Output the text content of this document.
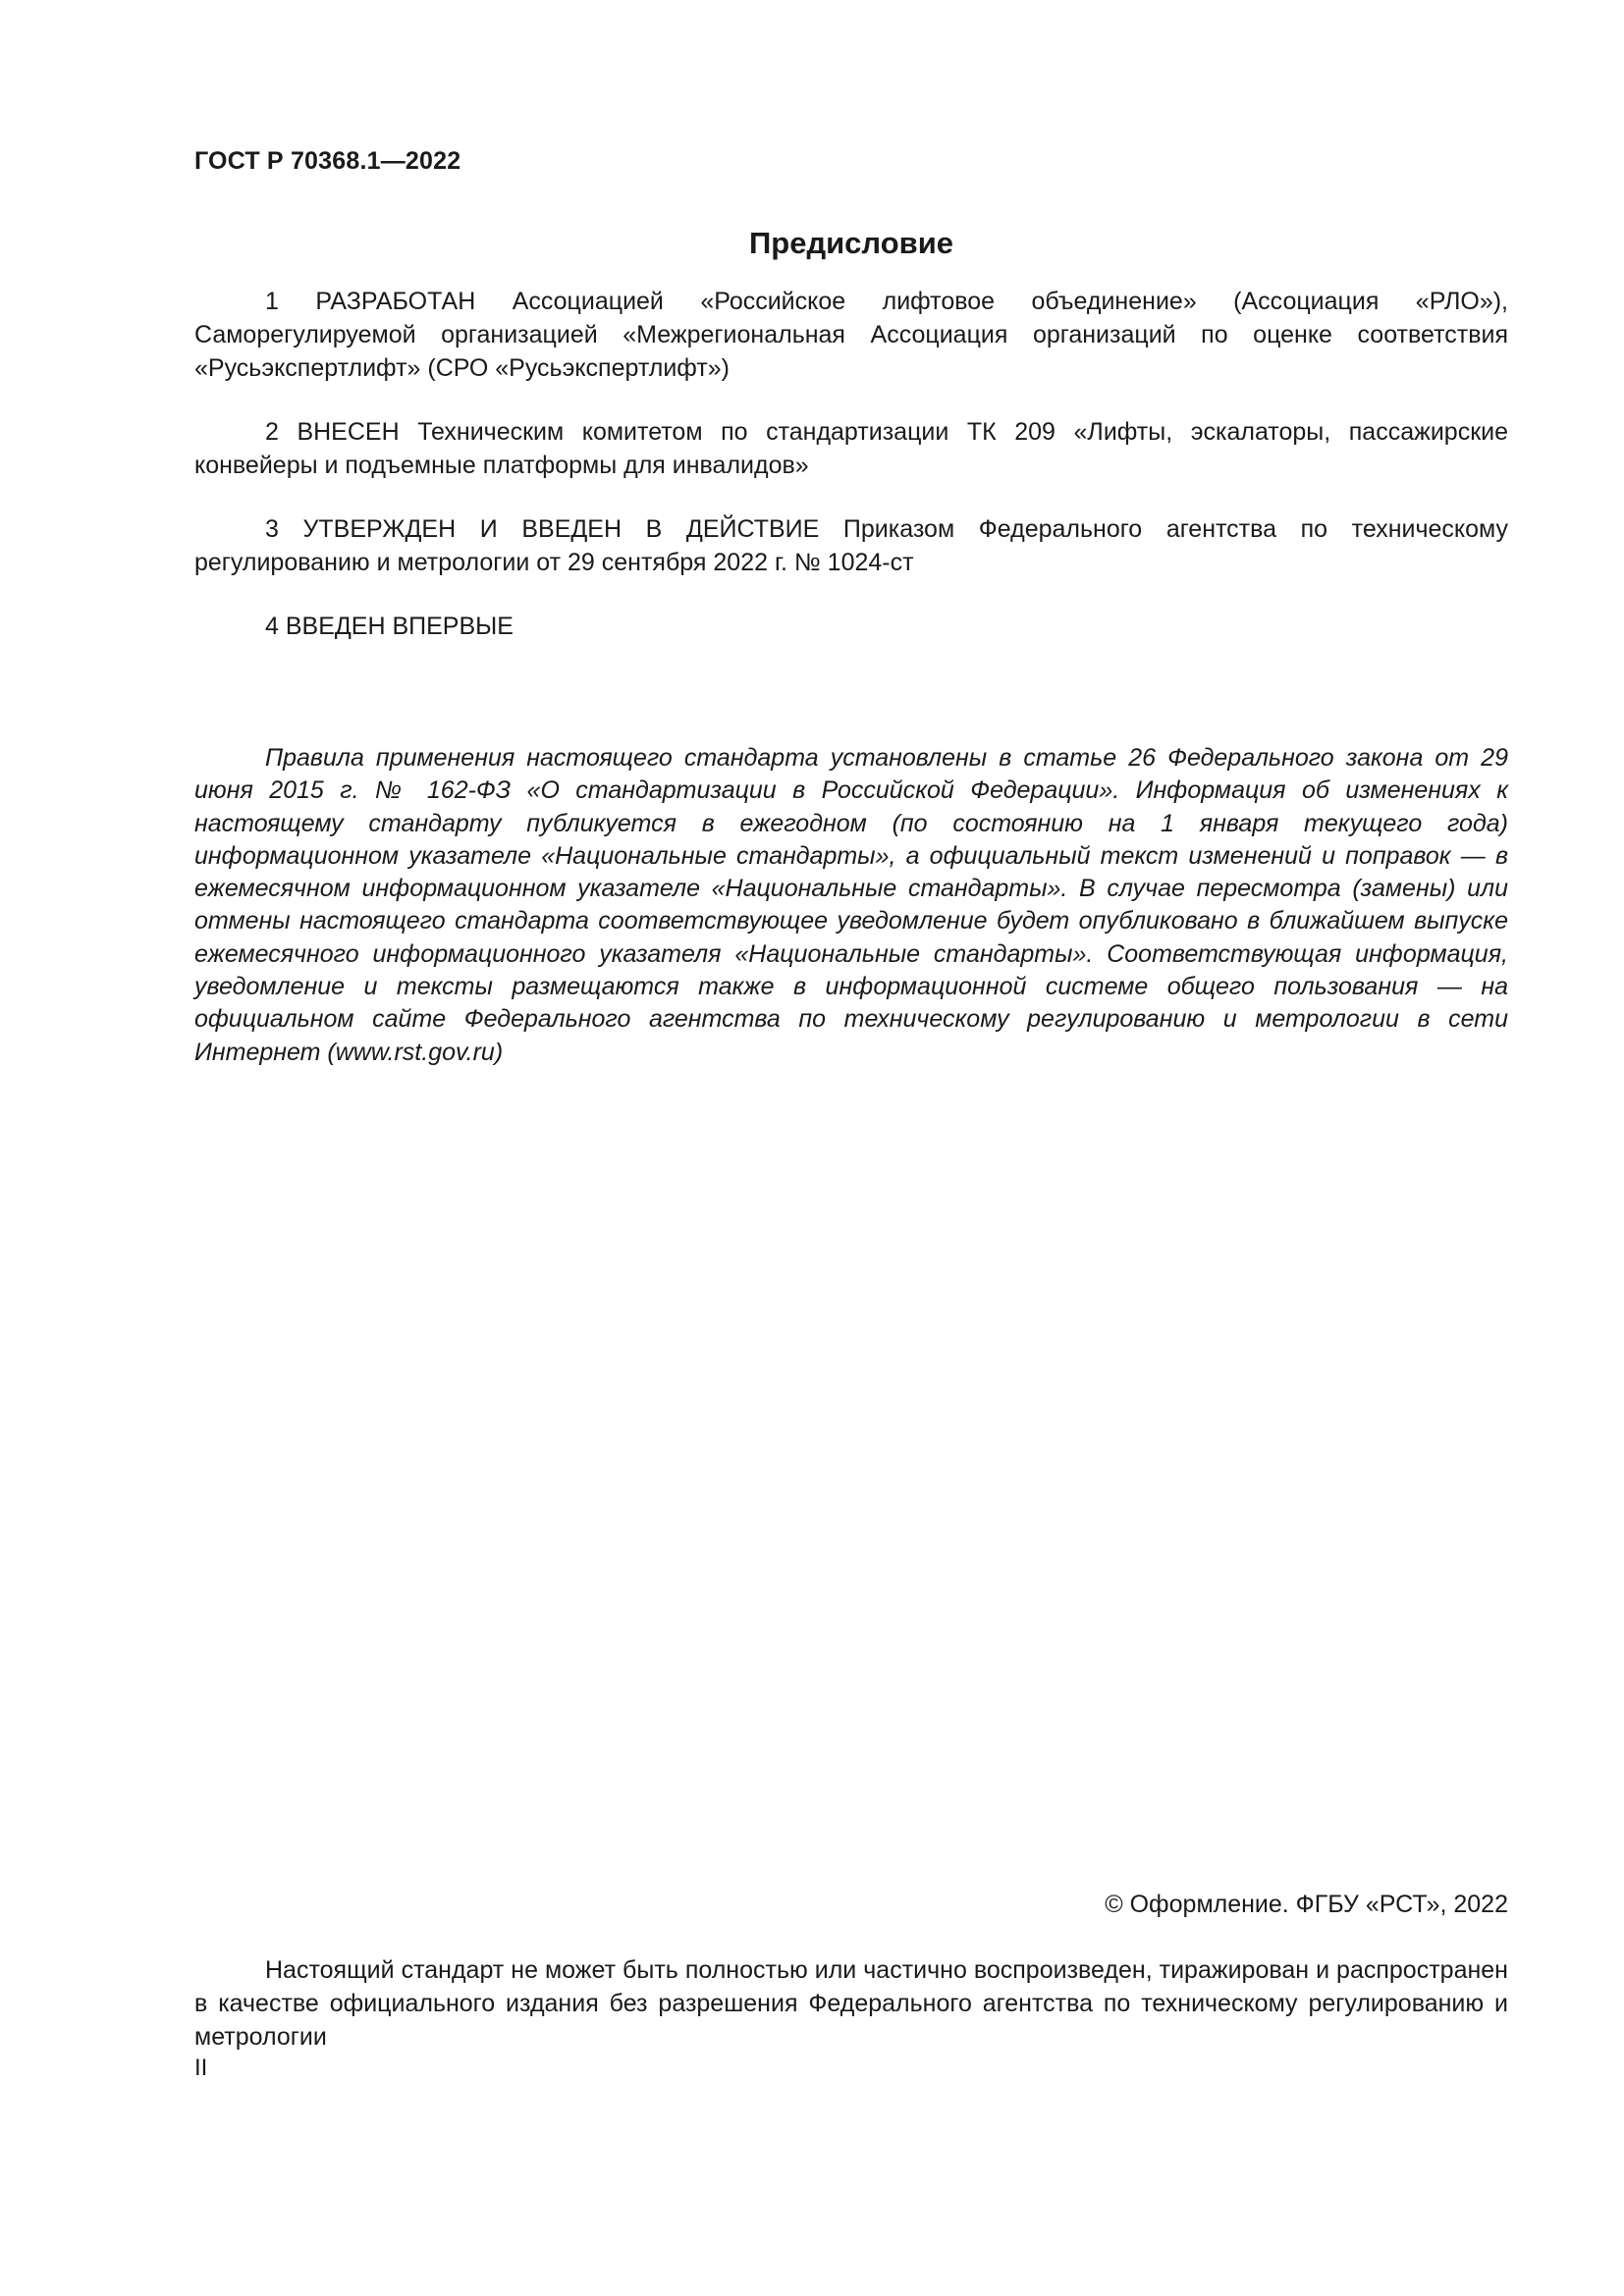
ГОСТ Р 70368.1—2022
Предисловие

1 РАЗРАБОТАН Ассоциацией «Российское лифтовое объединение» (Ассоциация «РЛО»), Саморегулируемой организацией «Межрегиональная Ассоциация организаций по оценке соответствия «Русьэкспертлифт» (СРО «Русьэкспертлифт»)

2 ВНЕСЕН Техническим комитетом по стандартизации ТК 209 «Лифты, эскалаторы, пассажирские конвейеры и подъемные платформы для инвалидов»

3 УТВЕРЖДЕН И ВВЕДЕН В ДЕЙСТВИЕ Приказом Федерального агентства по техническому регулированию и метрологии от 29 сентября 2022 г. № 1024-ст

4 ВВЕДЕН ВПЕРВЫЕ

Правила применения настоящего стандарта установлены в статье 26 Федерального закона от 29 июня 2015 г. № 162-ФЗ «О стандартизации в Российской Федерации». Информация об изменениях к настоящему стандарту публикуется в ежегодном (по состоянию на 1 января текущего года) информационном указателе «Национальные стандарты», а официальный текст изменений и поправок — в ежемесячном информационном указателе «Национальные стандарты». В случае пересмотра (замены) или отмены настоящего стандарта соответствующее уведомление будет опубликовано в ближайшем выпуске ежемесячного информационного указателя «Национальные стандарты». Соответствующая информация, уведомление и тексты размещаются также в информационной системе общего пользования — на официальном сайте Федерального агентства по техническому регулированию и метрологии в сети Интернет (www.rst.gov.ru)

© Оформление. ФГБУ «РСТ», 2022

Настоящий стандарт не может быть полностью или частично воспроизведен, тиражирован и распространен в качестве официального издания без разрешения Федерального агентства по техническому регулированию и метрологии

II
